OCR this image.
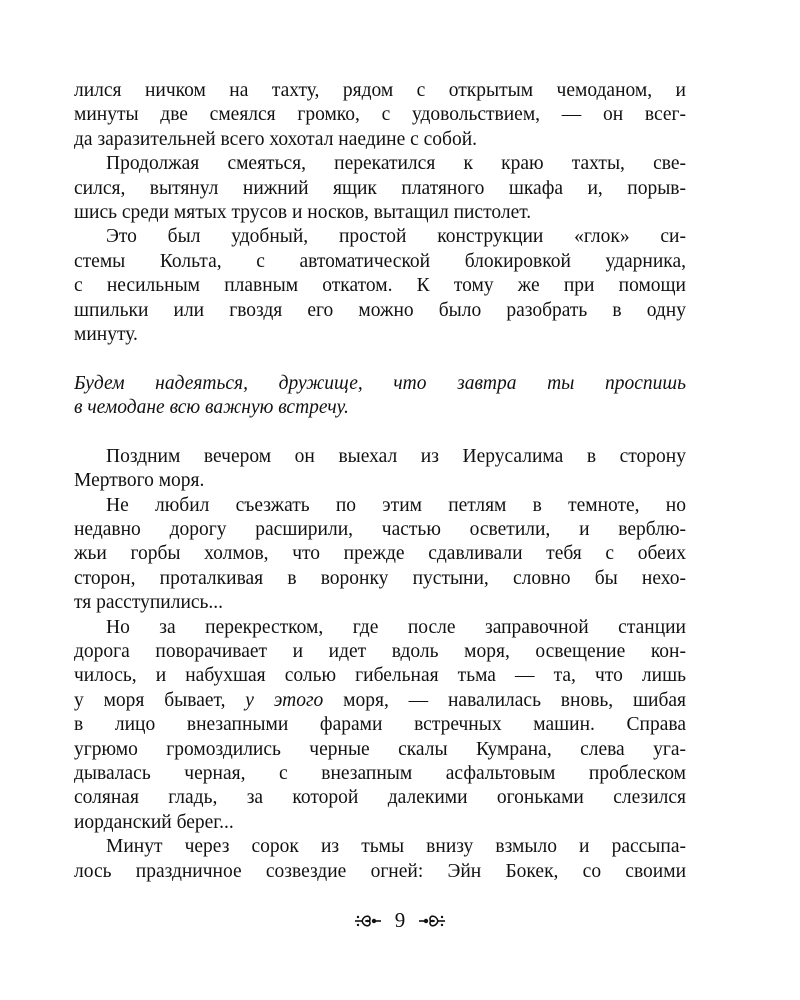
лился ничком на тахту, рядом с открытым чемоданом, и
минуты две смеялся громко, с удовольствием, — он всег-
да заразительней всего хохотал наедине с собой.
Продолжая смеяться, перекатился к краю тахты, све-
сился, вытянул нижний ящик платяного шкафа и, порыв-
шись среди мятых трусов и носков, вытащил пистолет.
Это был удобный, простой конструкции «глок» си-
стемы Кольта, с автоматической блокировкой ударника,
с несильным плавным откатом. К тому же при помощи
шпильки или гвоздя его можно было разобрать в одну
минуту.
Будем надеяться, дружище, что завтра ты проспишь
в чемодане всю важную встречу.
Поздним вечером он выехал из Иерусалима в сторону
Мертвого моря.
Не любил съезжать по этим петлям в темноте, но
недавно дорогу расширили, частью осветили, и верблю-
жьи горбы холмов, что прежде сдавливали тебя с обеих
сторон, проталкивая в воронку пустыни, словно бы нехо-
тя расступились...
Но за перекрестком, где после заправочной станции
дорога поворачивает и идет вдоль моря, освещение кон-
чилось, и набухшая солью гибельная тьма — та, что лишь
у моря бывает, у этого моря, — навалилась вновь, шибая
в лицо внезапными фарами встречных машин. Справа
угрюмо громоздились черные скалы Кумрана, слева уга-
дывалась черная, с внезапным асфальтовым проблеском
соляная гладь, за которой далекими огоньками слезился
иорданский берег...
Минут через сорок из тьмы внизу взмыло и рассыпа-
лось праздничное созвездие огней: Эйн Бокек, со своими
9
